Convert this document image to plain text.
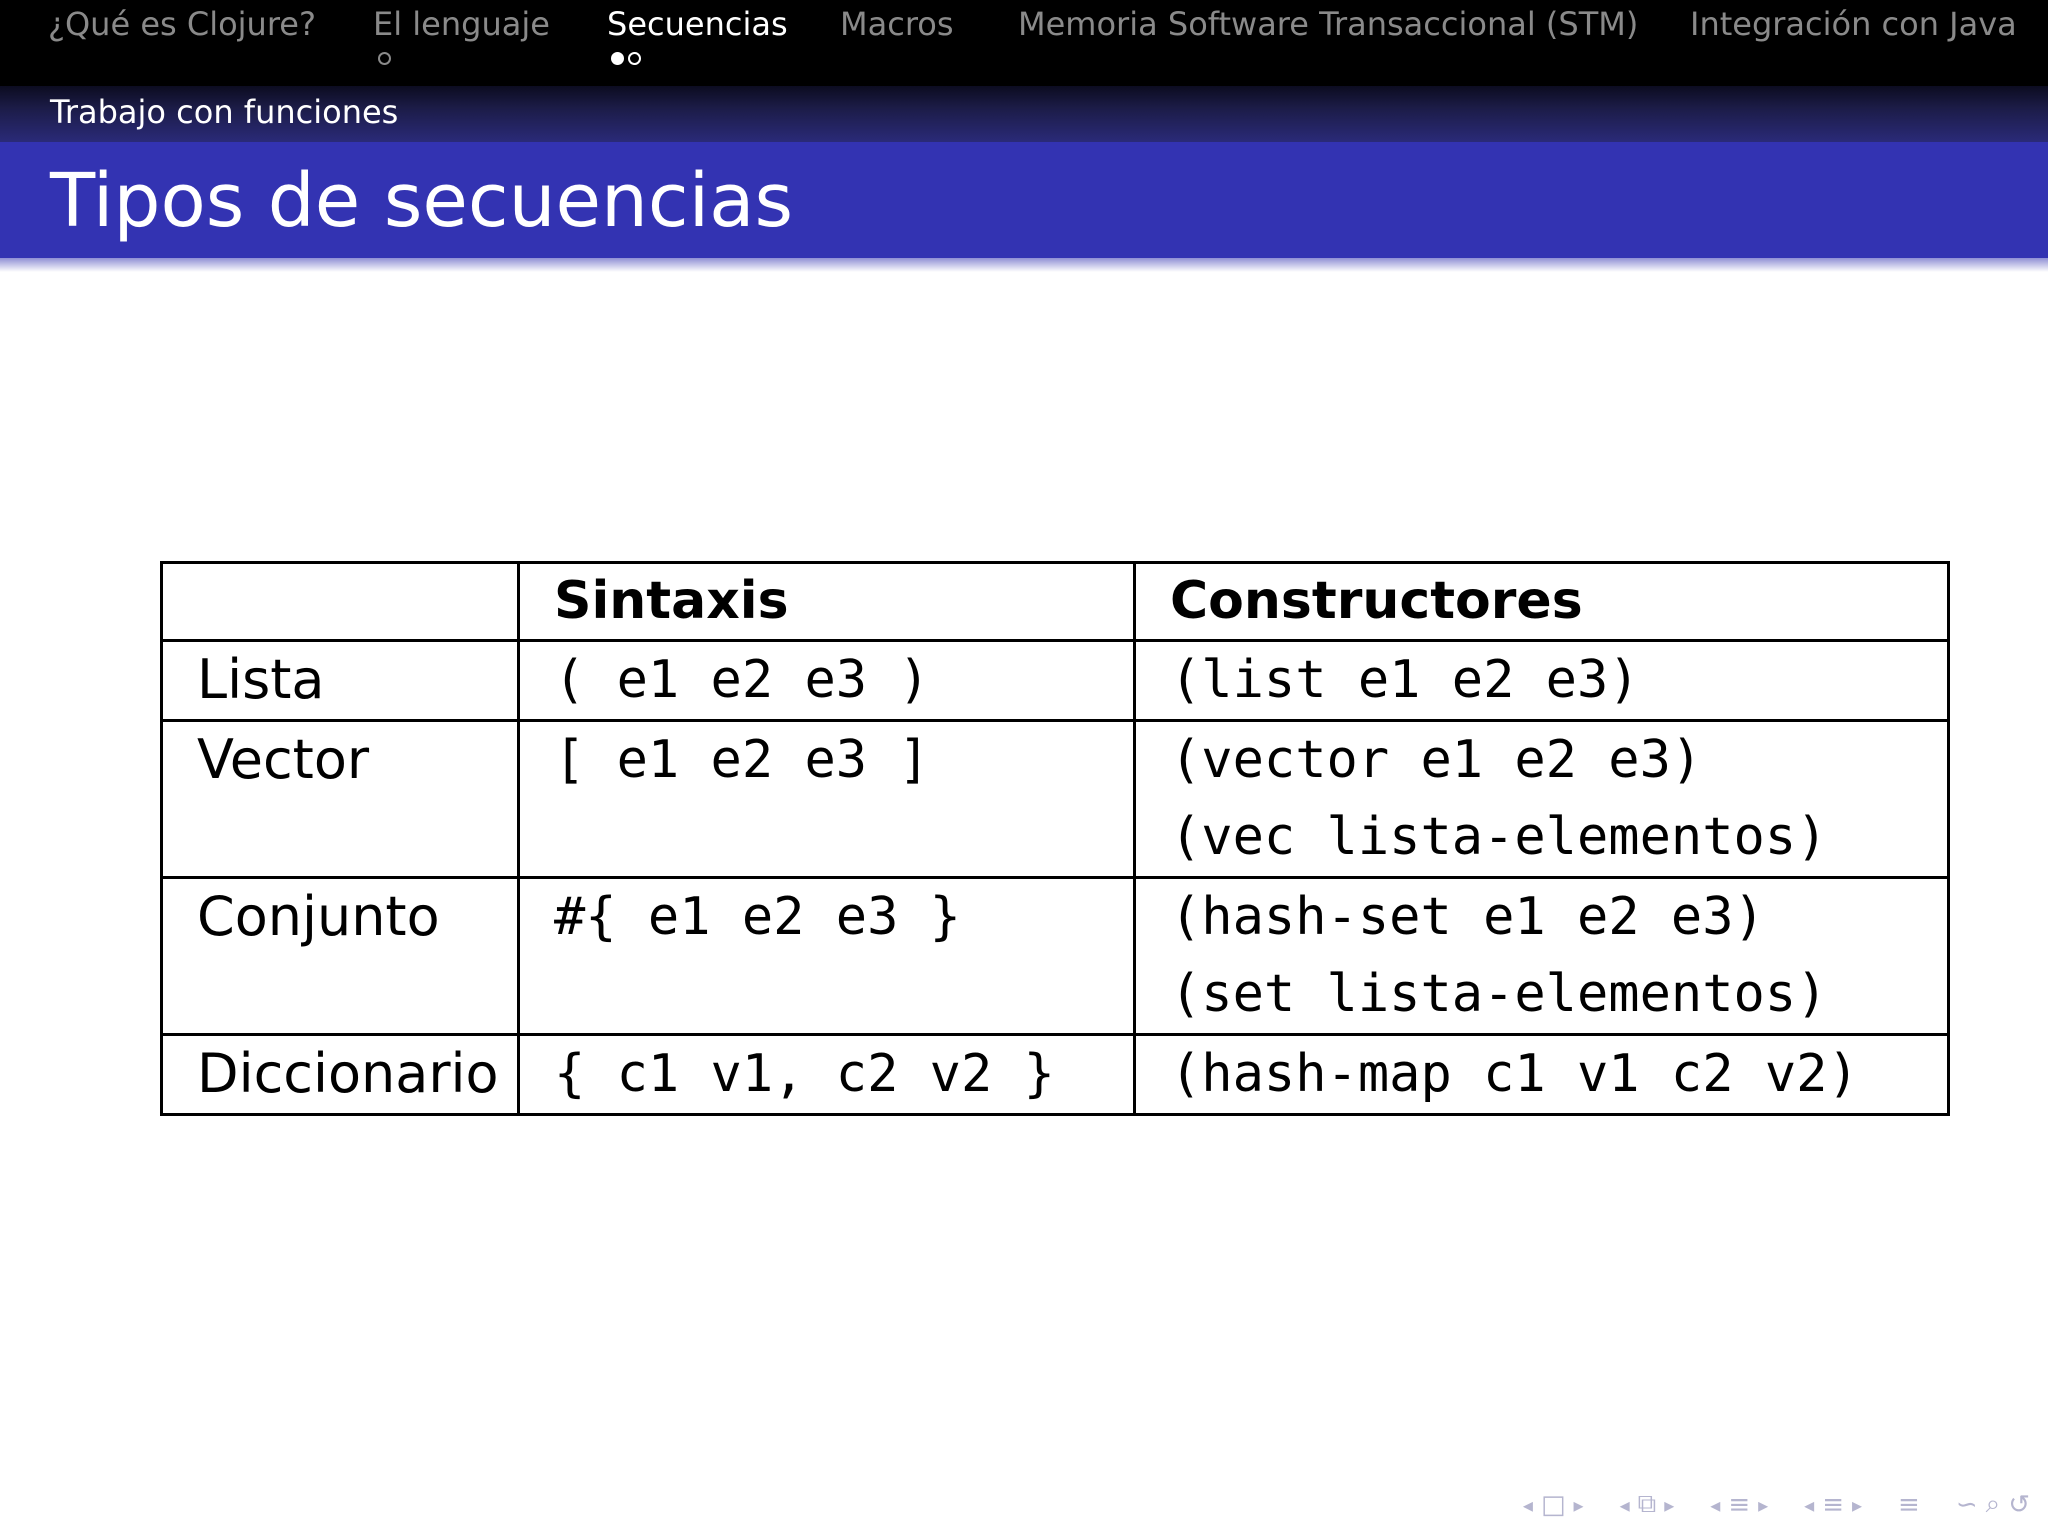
¿Qué es Clojure? El lenguaje Secuencias Macros Memoria Software Transaccional (STM) Integración con Java
Trabajo con funciones
Tipos de secuencias
	Sintaxis	Constructores
Lista	( e1 e2 e3 )	(list e1 e2 e3)

Vector	[ e1 e2 e3 ]	(vector e1 e2 e3)
(vec lista-elementos)

Conjunto	#{ e1 e2 e3 }	(hash-set e1 e2 e3)
(set lista-elementos)

Diccionario	{ c1 v1, c2 v2 }	(hash-map c1 v1 c2 v2)
◂ □ ▸ ◂ ⧉ ▸ ◂ ≡ ▸ ◂ ≡ ▸ ≡ ∽ ⌕ ↺
